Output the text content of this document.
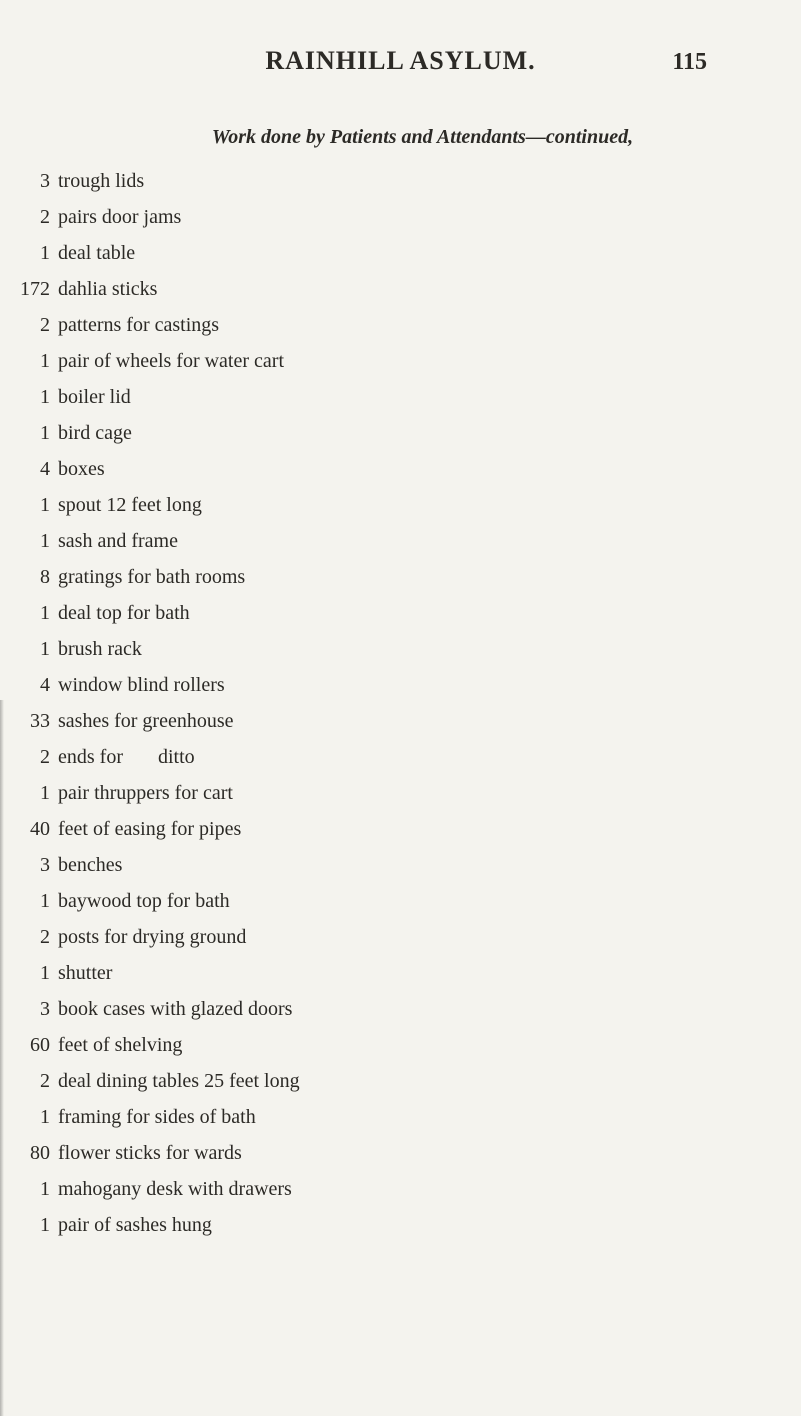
RAINHILL ASYLUM.	115
Work done by Patients and Attendants—continued,
3 trough lids
2 pairs door jams
1 deal table
172 dahlia sticks
2 patterns for castings
1 pair of wheels for water cart
1 boiler lid
1 bird cage
4 boxes
1 spout 12 feet long
1 sash and frame
8 gratings for bath rooms
1 deal top for bath
1 brush rack
4 window blind rollers
33 sashes for greenhouse
2 ends for       ditto
1 pair thruppers for cart
40 feet of easing for pipes
3 benches
1 baywood top for bath
2 posts for drying ground
1 shutter
3 book cases with glazed doors
60 feet of shelving
2 deal dining tables 25 feet long
1 framing for sides of bath
80 flower sticks for wards
1 mahogany desk with drawers
1 pair of sashes hung
